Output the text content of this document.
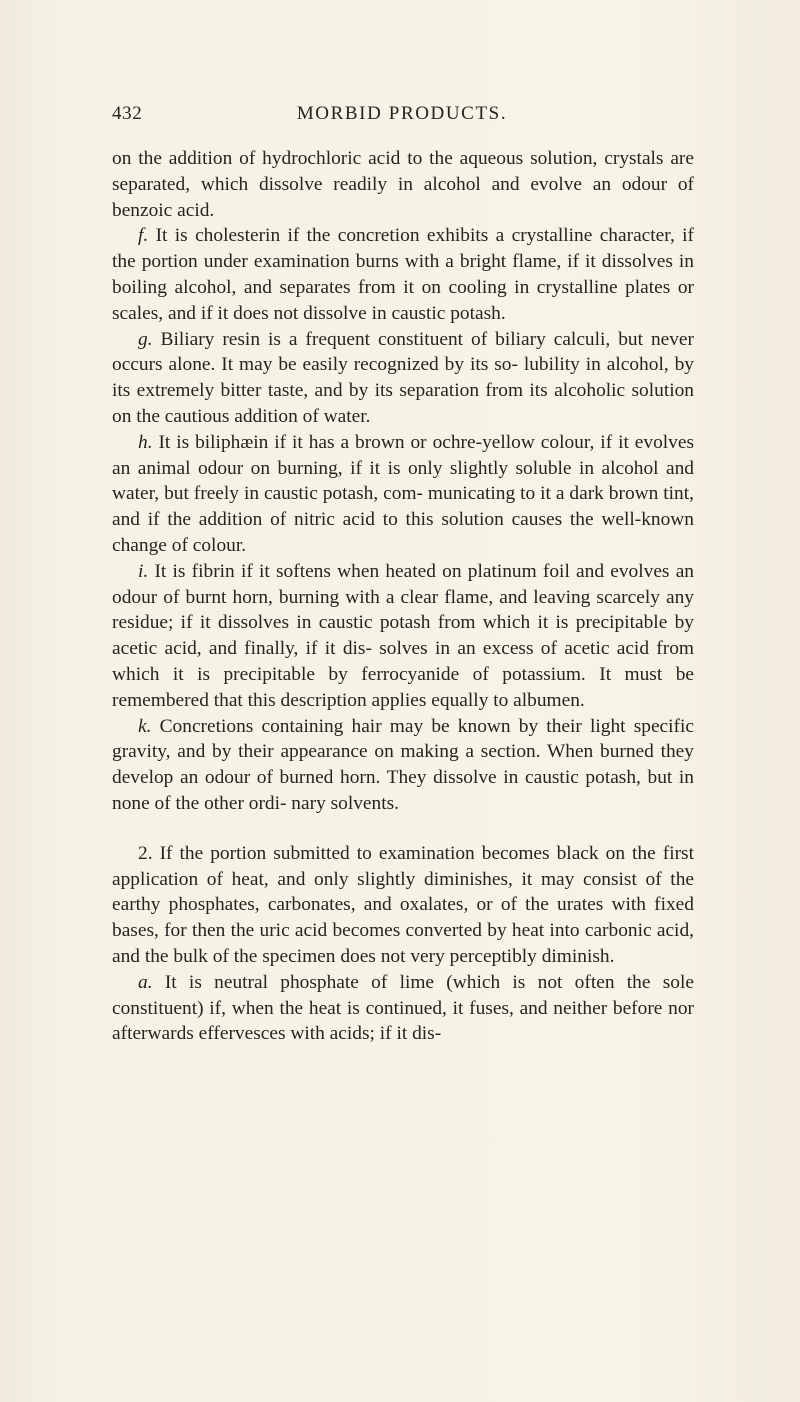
432	MORBID PRODUCTS.

on the addition of hydrochloric acid to the aqueous solution, crystals are separated, which dissolve readily in alcohol and evolve an odour of benzoic acid.

f. It is cholesterin if the concretion exhibits a crystalline character, if the portion under examination burns with a bright flame, if it dissolves in boiling alcohol, and separates from it on cooling in crystalline plates or scales, and if it does not dissolve in caustic potash.

g. Biliary resin is a frequent constituent of biliary calculi, but never occurs alone. It may be easily recognized by its so- lubility in alcohol, by its extremely bitter taste, and by its separation from its alcoholic solution on the cautious addition of water.

h. It is biliphæin if it has a brown or ochre-yellow colour, if it evolves an animal odour on burning, if it is only slightly soluble in alcohol and water, but freely in caustic potash, com- municating to it a dark brown tint, and if the addition of nitric acid to this solution causes the well-known change of colour.

i. It is fibrin if it softens when heated on platinum foil and evolves an odour of burnt horn, burning with a clear flame, and leaving scarcely any residue; if it dissolves in caustic potash from which it is precipitable by acetic acid, and finally, if it dis- solves in an excess of acetic acid from which it is precipitable by ferrocyanide of potassium. It must be remembered that this description applies equally to albumen.

k. Concretions containing hair may be known by their light specific gravity, and by their appearance on making a section. When burned they develop an odour of burned horn. They dissolve in caustic potash, but in none of the other ordi- nary solvents.

2. If the portion submitted to examination becomes black on the first application of heat, and only slightly diminishes, it may consist of the earthy phosphates, carbonates, and oxalates, or of the urates with fixed bases, for then the uric acid becomes converted by heat into carbonic acid, and the bulk of the specimen does not very perceptibly diminish.

a. It is neutral phosphate of lime (which is not often the sole constituent) if, when the heat is continued, it fuses, and neither before nor afterwards effervesces with acids; if it dis-
